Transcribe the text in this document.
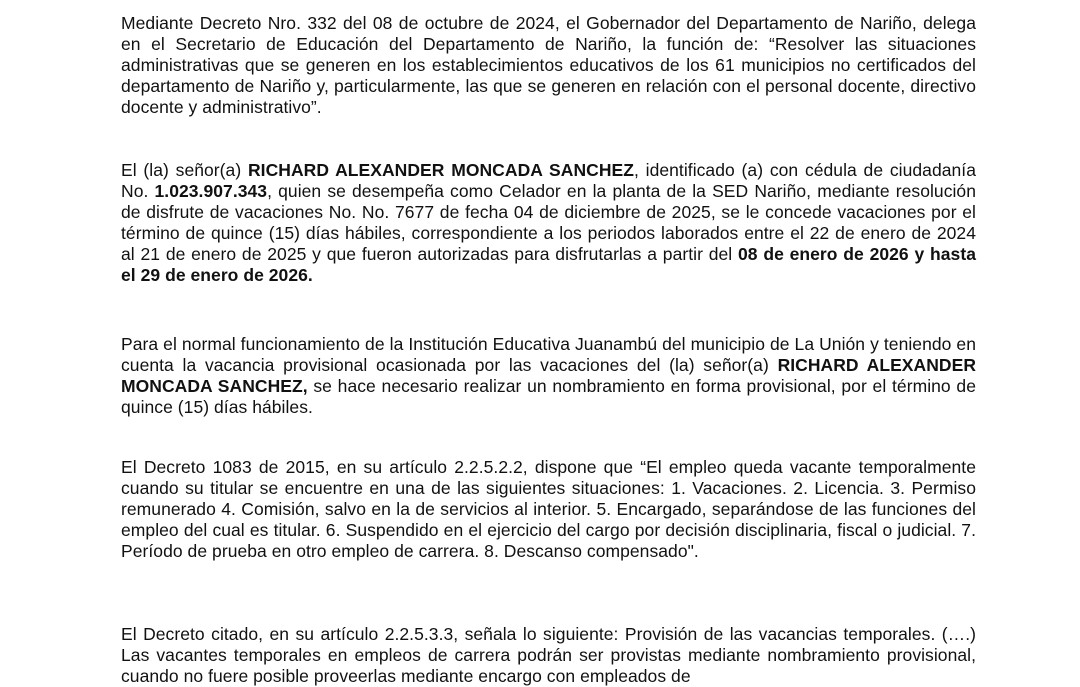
Mediante Decreto Nro. 332 del 08 de octubre de 2024, el Gobernador del Departamento de Nariño, delega en el Secretario de Educación del Departamento de Nariño, la función de: “Resolver las situaciones administrativas que se generen en los establecimientos educativos de los 61 municipios no certificados del departamento de Nariño y, particularmente, las que se generen en relación con el personal docente, directivo docente y administrativo”.

El (la) señor(a) RICHARD ALEXANDER MONCADA SANCHEZ, identificado (a) con cédula de ciudadanía No. 1.023.907.343, quien se desempeña como Celador en la planta de la SED Nariño, mediante resolución de disfrute de vacaciones No. No. 7677 de fecha 04 de diciembre de 2025, se le concede vacaciones por el término de quince (15) días hábiles, correspondiente a los periodos laborados entre el 22 de enero de 2024 al 21 de enero de 2025 y que fueron autorizadas para disfrutarlas a partir del 08 de enero de 2026 y hasta el 29 de enero de 2026.

Para el normal funcionamiento de la Institución Educativa Juanambú del municipio de La Unión y teniendo en cuenta la vacancia provisional ocasionada por las vacaciones del (la) señor(a) RICHARD ALEXANDER MONCADA SANCHEZ, se hace necesario realizar un nombramiento en forma provisional, por el término de quince (15) días hábiles.

El Decreto 1083 de 2015, en su artículo 2.2.5.2.2, dispone que “El empleo queda vacante temporalmente cuando su titular se encuentre en una de las siguientes situaciones: 1. Vacaciones. 2. Licencia. 3. Permiso remunerado 4. Comisión, salvo en la de servicios al interior. 5. Encargado, separándose de las funciones del empleo del cual es titular. 6. Suspendido en el ejercicio del cargo por decisión disciplinaria, fiscal o judicial. 7. Período de prueba en otro empleo de carrera. 8. Descanso compensado".

El Decreto citado, en su artículo 2.2.5.3.3, señala lo siguiente: Provisión de las vacancias temporales. (….) Las vacantes temporales en empleos de carrera podrán ser provistas mediante nombramiento provisional, cuando no fuere posible proveerlas mediante encargo con empleados de
